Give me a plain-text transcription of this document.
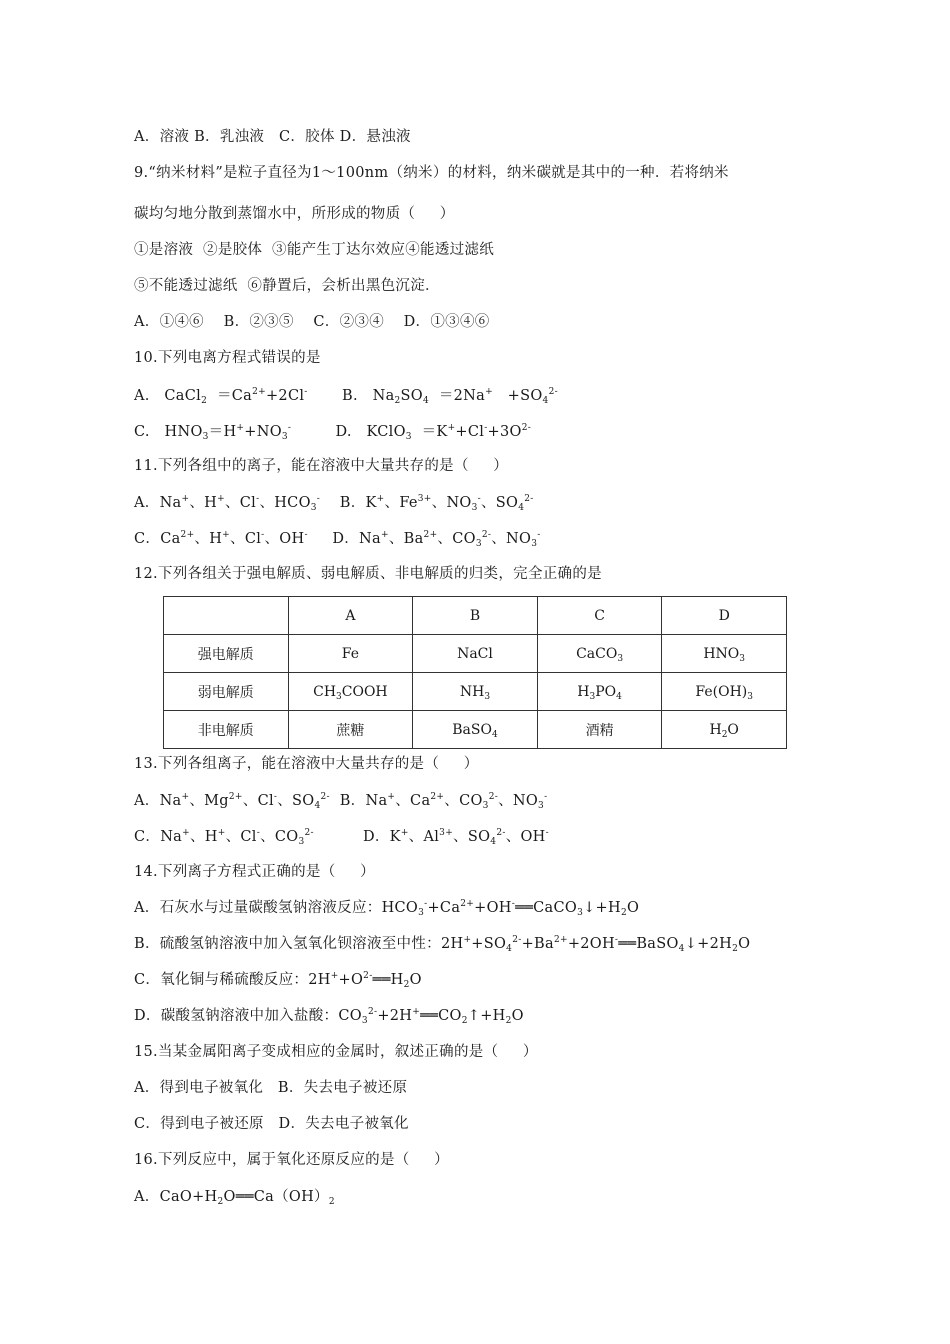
A．溶液 B．乳浊液   C．胶体 D．悬浊液
9.“纳米材料”是粒子直径为1～100nm（纳米）的材料，纳米碳就是其中的一种．若将纳米
碳均匀地分散到蒸馏水中，所形成的物质（     ）
①是溶液  ②是胶体  ③能产生丁达尔效应④能透过滤纸
⑤不能透过滤纸  ⑥静置后，会析出黑色沉淀．
A．①④⑥    B．②③⑤    C．②③④    D．①③④⑥
10.下列电离方程式错误的是
A.   CaCl$_2$  $=Ca^{2+}+2Cl^-$       B.   $Na_2SO_4 =2Na^+ +SO_4^{2-}$
C.   $HNO_3=H^++NO_3^-$         D.   KClO$_3$  $=K^++Cl^-+3O^{2-}$
11.下列各组中的离子，能在溶液中大量共存的是（     ）
A．Na+、H+、Cl-、$HCO_3^-$    B．K+、$Fe^{3+}$、$NO_3^-$、$SO_4^{2-}$
C．$Ca^{2+}$、H+、Cl-、OH-     D．Na+、$Ba^{2+}$、$CO_3^{2-}$、$NO_3^-$
12.下列各组关于强电解质、弱电解质、非电解质的归类，完全正确的是
	A	B	C	D
强电解质	Fe	NaCl	CaCO$_3$	$HNO_3$
弱电解质	$CH_3COOH$	$NH_3$	$H_3PO_4$	$Fe(OH)_3$
非电解质	蔗糖	BaSO$_4$	酒精	$H_2O$
13.下列各组离子，能在溶液中大量共存的是（     ）
A．Na+、$Mg^{2+}$、Cl-、$SO_4^{2-}$  B．Na+、$Ca^{2+}$、$CO_3^{2-}$、$NO_3^-$
C．Na+、H+、Cl-、$CO_3^{2-}$          D．K+、$Al^{3+}$、$SO_4^{2-}$、OH-
14.下列离子方程式正确的是（     ）
A．石灰水与过量碳酸氢钠溶液反应：$HCO_3^-+Ca^{2+}+OH^-══CaCO_3↓+H_2O$
B．硫酸氢钠溶液中加入氢氧化钡溶液至中性：$2H^++SO_4^{2-}+Ba^{2+}+2OH^-══BaSO_4↓+2H_2O$
C．氧化铜与稀硫酸反应：$2H^++O^{2-}══H_2O$
D．碳酸氢钠溶液中加入盐酸：$CO_3^{2-}+2H^+══CO_2↑+H_2O$
15.当某金属阳离子变成相应的金属时，叙述正确的是（     ）
A．得到电子被氧化   B．失去电子被还原
C．得到电子被还原   D．失去电子被氧化
16.下列反应中，属于氧化还原反应的是（     ）
A．$CaO+H_2O══Ca(OH)_2$
